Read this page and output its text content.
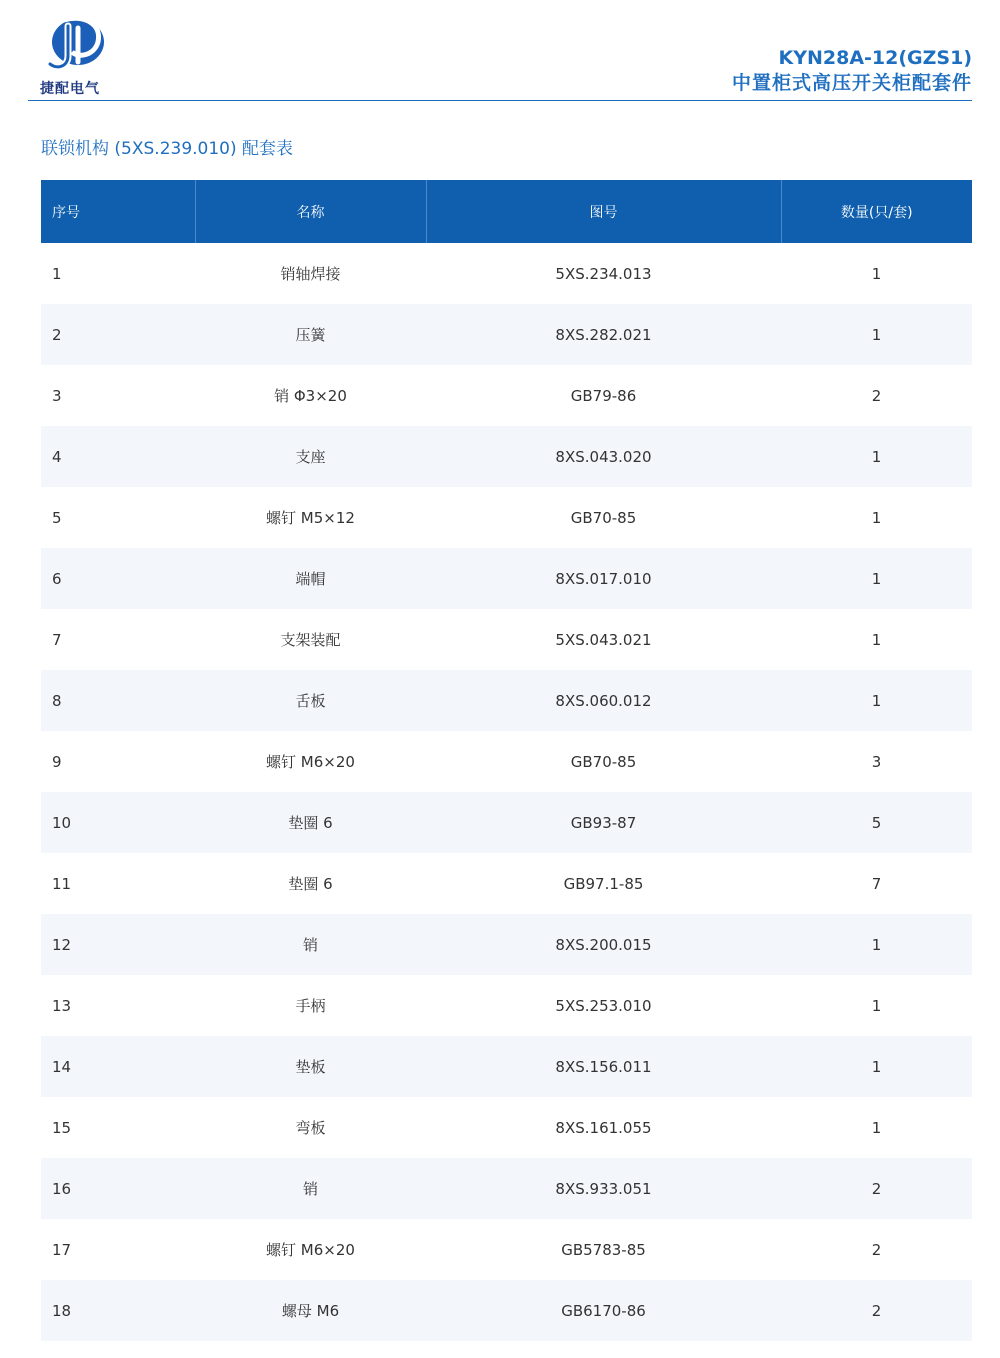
捷配电气
KYN28A-12(GZS1)
中置柜式高压开关柜配套件
联锁机构 (5XS.239.010) 配套表
序号	名称	图号	数量(只/套)
1	销轴焊接	5XS.234.013	1
2	压簧	8XS.282.021	1
3	销 Φ3×20	GB79-86	2
4	支座	8XS.043.020	1
5	螺钉 M5×12	GB70-85	1
6	端帽	8XS.017.010	1
7	支架装配	5XS.043.021	1
8	舌板	8XS.060.012	1
9	螺钉 M6×20	GB70-85	3
10	垫圈 6	GB93-87	5
11	垫圈 6	GB97.1-85	7
12	销	8XS.200.015	1
13	手柄	5XS.253.010	1
14	垫板	8XS.156.011	1
15	弯板	8XS.161.055	1
16	销	8XS.933.051	2
17	螺钉 M6×20	GB5783-85	2
18	螺母 M6	GB6170-86	2
